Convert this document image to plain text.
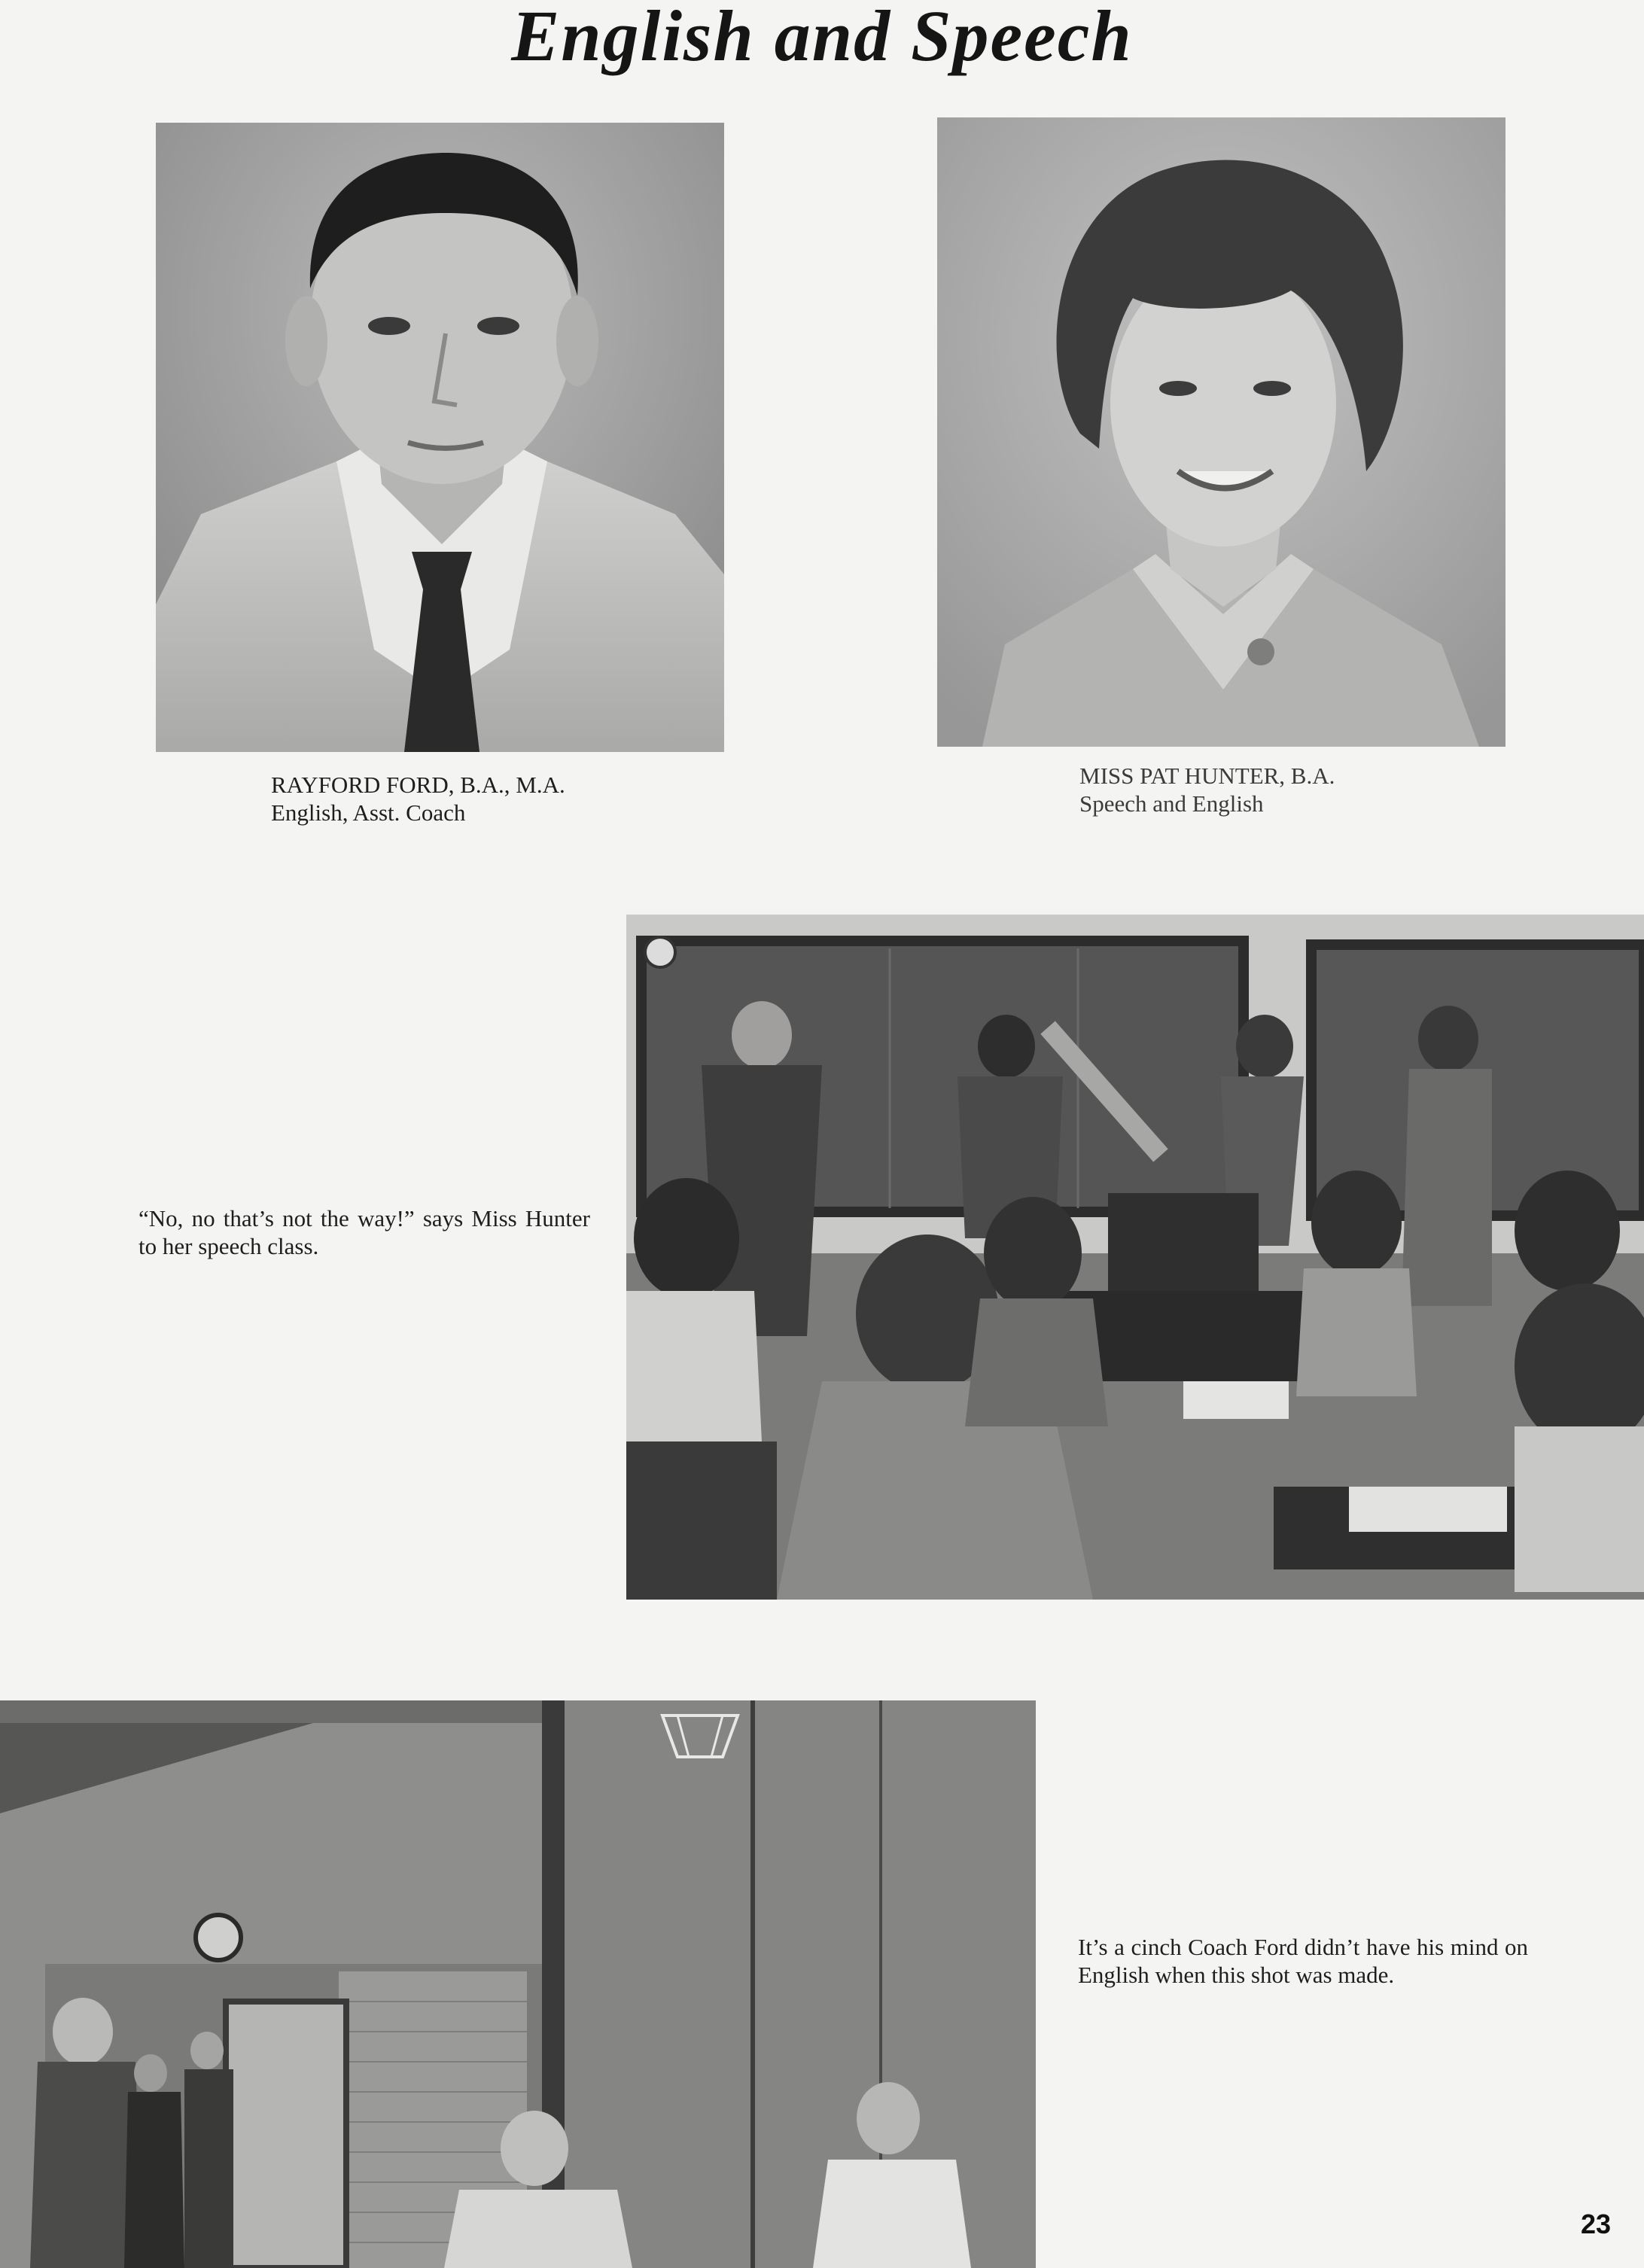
English and Speech
RAYFORD FORD, B.A., M.A.
English, Asst. Coach
MISS PAT HUNTER, B.A.
Speech and English
“No, no that’s not the way!” says Miss Hunter to her speech class.
It’s a cinch Coach Ford didn’t have his mind on English when this shot was made.
23
